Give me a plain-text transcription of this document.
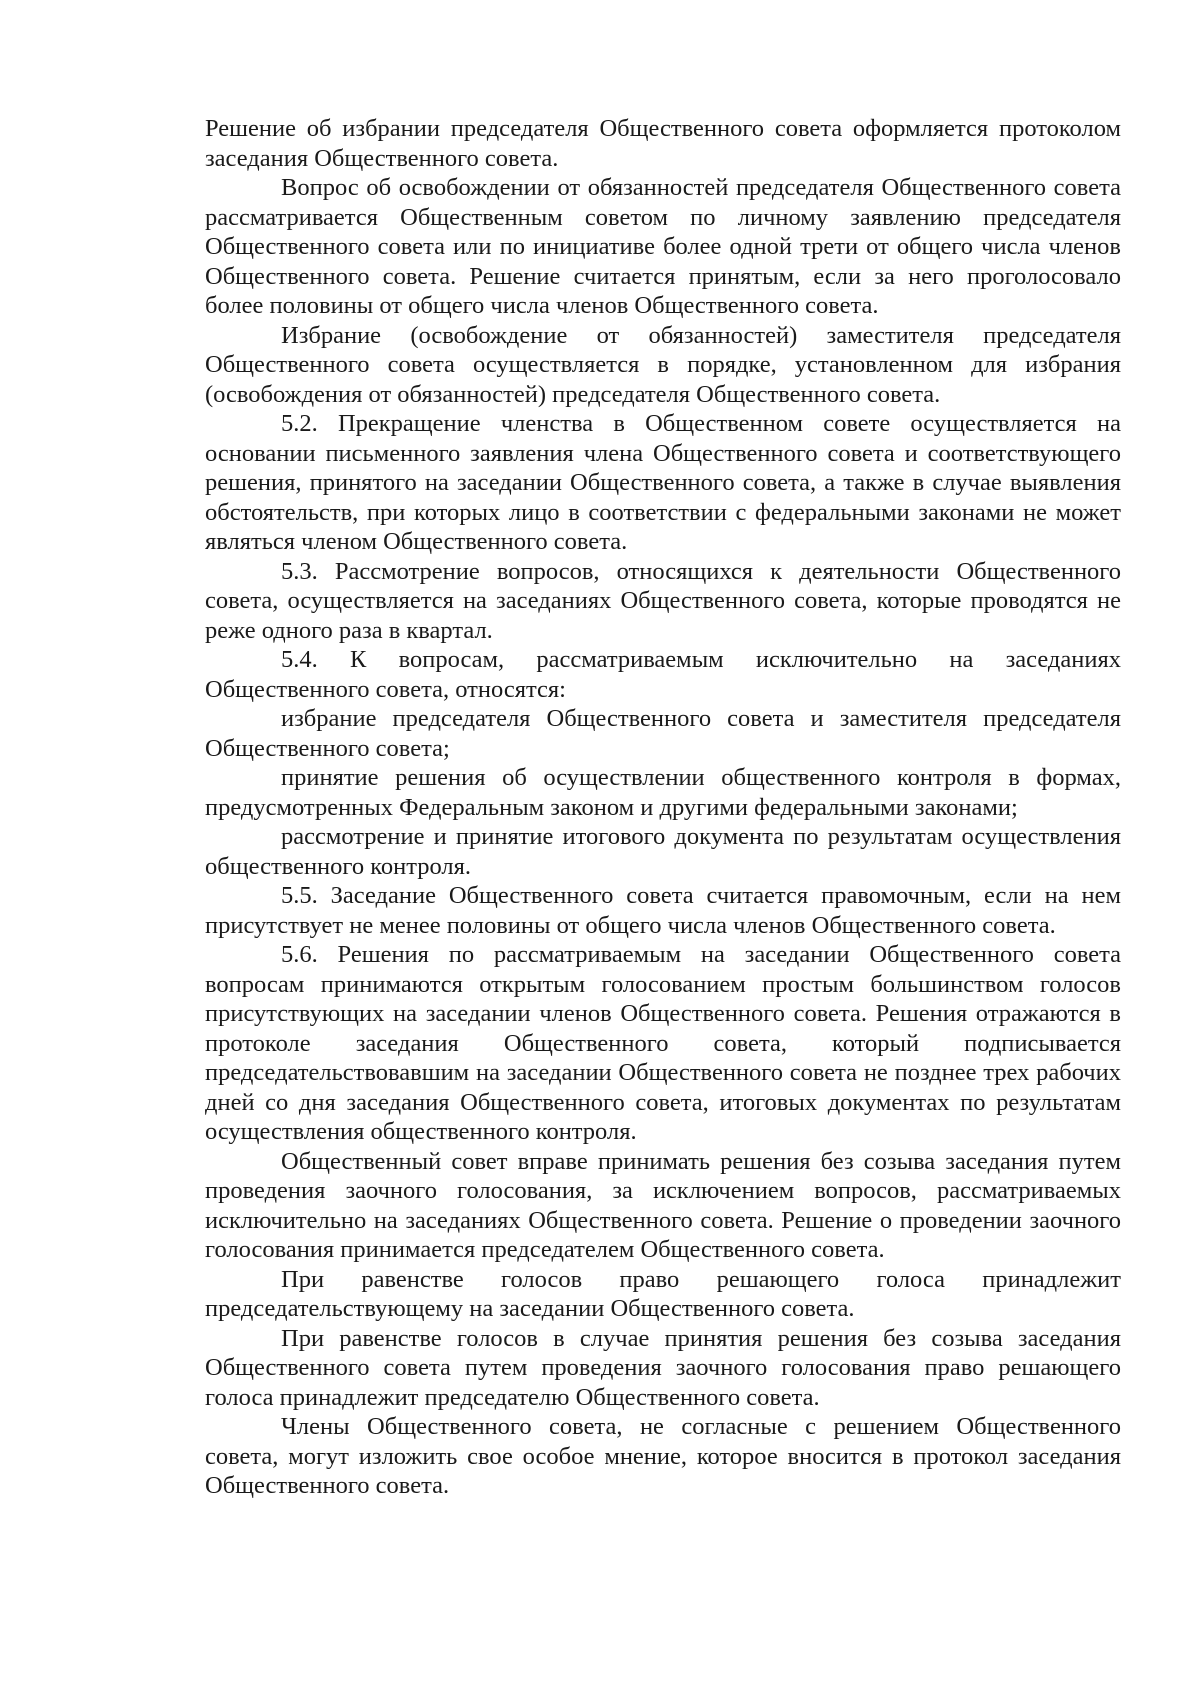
Решение об избрании председателя Общественного совета оформляется протоколом заседания Общественного совета.

Вопрос об освобождении от обязанностей председателя Общественного совета рассматривается Общественным советом по личному заявлению председателя Общественного совета или по инициативе более одной трети от общего числа членов Общественного совета. Решение считается принятым, если за него проголосовало более половины от общего числа членов Общественного совета.

Избрание (освобождение от обязанностей) заместителя председателя Общественного совета осуществляется в порядке, установленном для избрания (освобождения от обязанностей) председателя Общественного совета.

5.2. Прекращение членства в Общественном совете осуществляется на основании письменного заявления члена Общественного совета и соответствующего решения, принятого на заседании Общественного совета, а также в случае выявления обстоятельств, при которых лицо в соответствии с федеральными законами не может являться членом Общественного совета.

5.3. Рассмотрение вопросов, относящихся к деятельности Общественного совета, осуществляется на заседаниях Общественного совета, которые проводятся не реже одного раза в квартал.

5.4. К вопросам, рассматриваемым исключительно на заседаниях Общественного совета, относятся:

избрание председателя Общественного совета и заместителя председателя Общественного совета;

принятие решения об осуществлении общественного контроля в формах, предусмотренных Федеральным законом и другими федеральными законами;

рассмотрение и принятие итогового документа по результатам осуществления общественного контроля.

5.5. Заседание Общественного совета считается правомочным, если на нем присутствует не менее половины от общего числа членов Общественного совета.

5.6. Решения по рассматриваемым на заседании Общественного совета вопросам принимаются открытым голосованием простым большинством голосов присутствующих на заседании членов Общественного совета. Решения отражаются в протоколе заседания Общественного совета, который подписывается председательствовавшим на заседании Общественного совета не позднее трех рабочих дней со дня заседания Общественного совета, итоговых документах по результатам осуществления общественного контроля.

Общественный совет вправе принимать решения без созыва заседания путем проведения заочного голосования, за исключением вопросов, рассматриваемых исключительно на заседаниях Общественного совета. Решение о проведении заочного голосования принимается председателем Общественного совета.

При равенстве голосов право решающего голоса принадлежит председательствующему на заседании Общественного совета.

При равенстве голосов в случае принятия решения без созыва заседания Общественного совета путем проведения заочного голосования право решающего голоса принадлежит председателю Общественного совета.

Члены Общественного совета, не согласные с решением Общественного совета, могут изложить свое особое мнение, которое вносится в протокол заседания Общественного совета.
